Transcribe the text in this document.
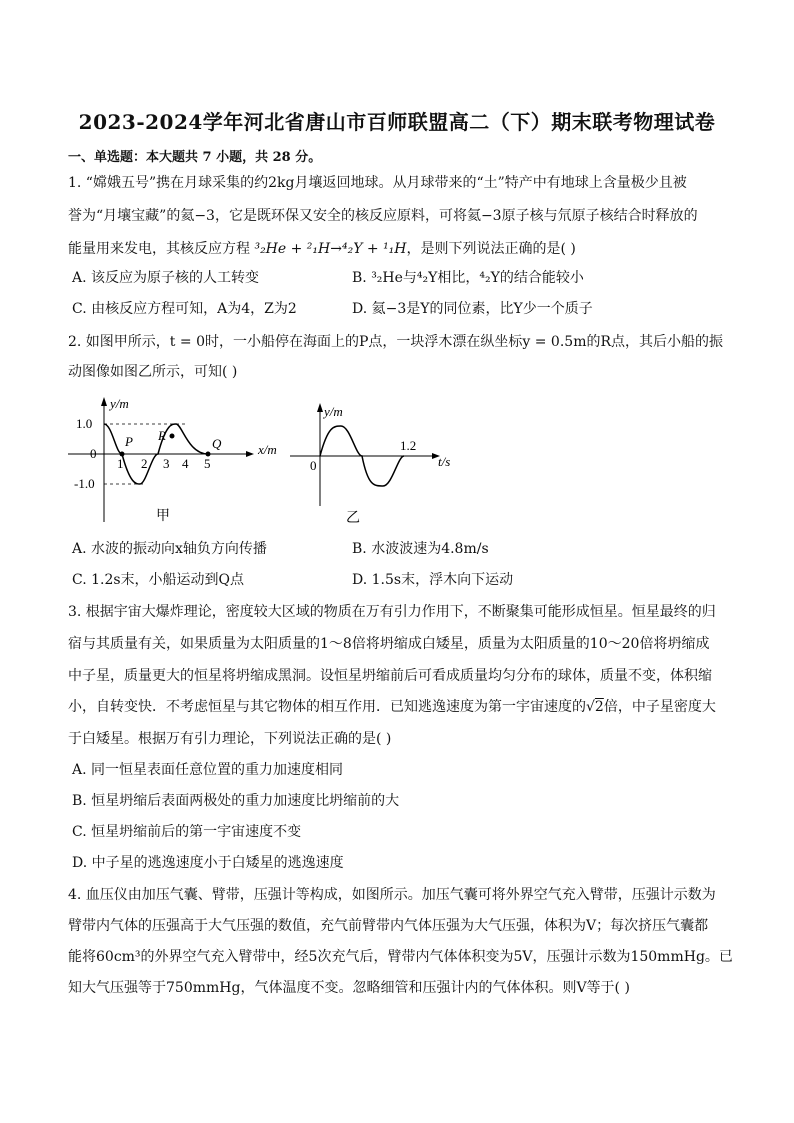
2023-2024学年河北省唐山市百师联盟高二（下）期末联考物理试卷
一、单选题：本大题共 7 小题，共 28 分。
1. “嫦娥五号”携在月球采集的约2kg月壤返回地球。从月球带来的“土”特产中有地球上含量极少且被
誉为“月壤宝藏”的氦−3，它是既环保又安全的核反应原料，可将氦−3原子核与氘原子核结合时释放的
能量用来发电，其核反应方程 ³₂He + ²₁H→⁴₂Y + ¹₁H，是则下列说法正确的是( )
A. 该反应为原子核的人工转变	B. ³₂He与⁴₂Y相比，⁴₂Y的结合能较小
C. 由核反应方程可知，A为4，Z为2	D. 氦−3是Y的同位素，比Y少一个质子
2. 如图甲所示，t = 0时，一小船停在海面上的P点，一块浮木漂在纵坐标y = 0.5m的R点，其后小船的振
动图像如图乙所示，可知( )
y/m
x/m
1.0
0
-1.0
1 2 3 4 5
P R
Q
甲
y/m
t/s
0
1.2
乙
A. 水波的振动向x轴负方向传播	B. 水波波速为4.8m/s
C. 1.2s末，小船运动到Q点	D. 1.5s末，浮木向下运动
3. 根据宇宙大爆炸理论，密度较大区域的物质在万有引力作用下，不断聚集可能形成恒星。恒星最终的归
宿与其质量有关，如果质量为太阳质量的1～8倍将坍缩成白矮星，质量为太阳质量的10～20倍将坍缩成
中子星，质量更大的恒星将坍缩成黑洞。设恒星坍缩前后可看成质量均匀分布的球体，质量不变，体积缩
小，自转变快．不考虑恒星与其它物体的相互作用．已知逃逸速度为第一宇宙速度的√2倍，中子星密度大
于白矮星。根据万有引力理论，下列说法正确的是( )
A. 同一恒星表面任意位置的重力加速度相同
B. 恒星坍缩后表面两极处的重力加速度比坍缩前的大
C. 恒星坍缩前后的第一宇宙速度不变
D. 中子星的逃逸速度小于白矮星的逃逸速度
4. 血压仪由加压气囊、臂带，压强计等构成，如图所示。加压气囊可将外界空气充入臂带，压强计示数为
臂带内气体的压强高于大气压强的数值，充气前臂带内气体压强为大气压强，体积为V；每次挤压气囊都
能将60cm³的外界空气充入臂带中，经5次充气后，臂带内气体体积变为5V，压强计示数为150mmHg。已
知大气压强等于750mmHg，气体温度不变。忽略细管和压强计内的气体体积。则V等于( )
